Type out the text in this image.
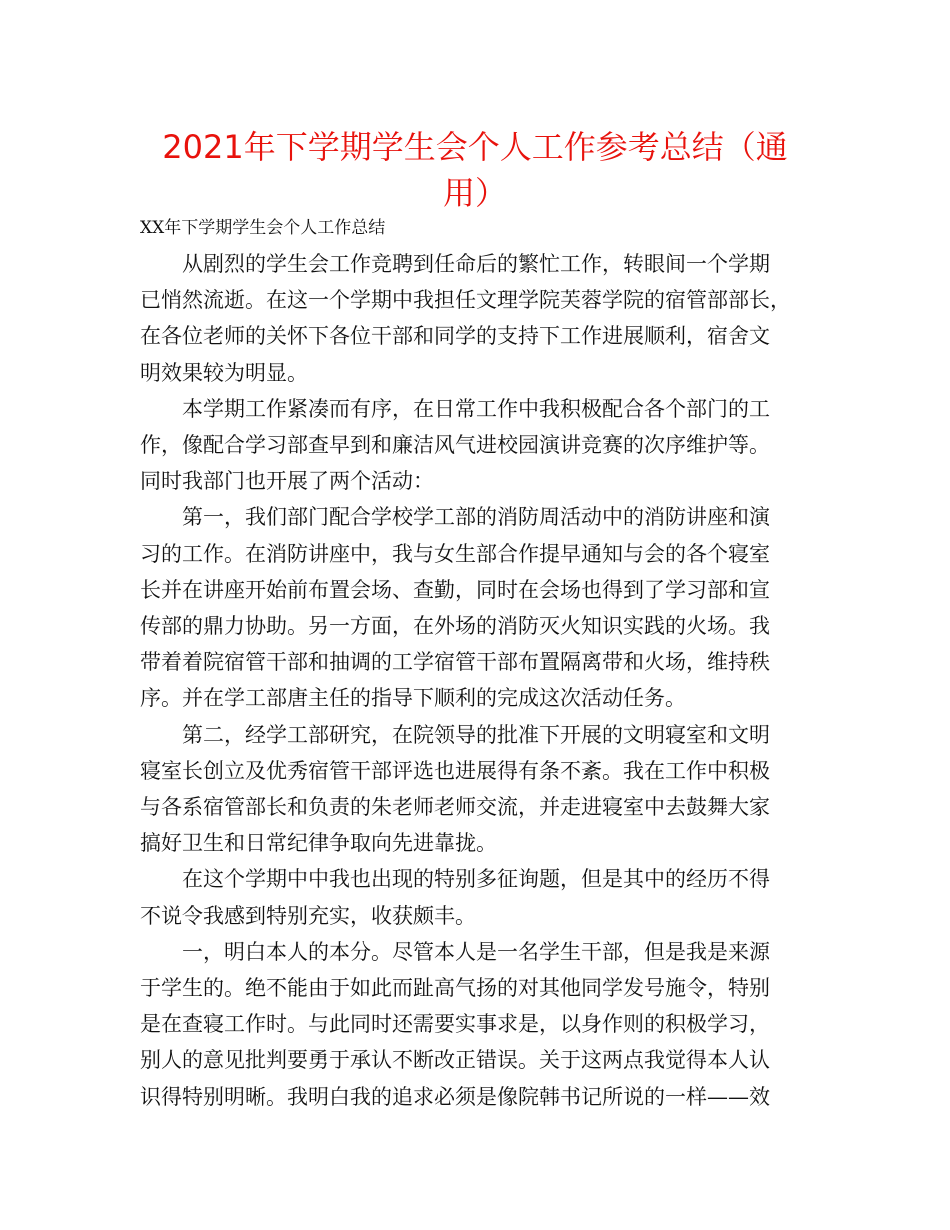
2021年下学期学生会个人工作参考总结（通
用）

XX年下学期学生会个人工作总结

从剧烈的学生会工作竞聘到任命后的繁忙工作，转眼间一个学期
已悄然流逝。在这一个学期中我担任文理学院芙蓉学院的宿管部部长，
在各位老师的关怀下各位干部和同学的支持下工作进展顺利，宿舍文
明效果较为明显。

本学期工作紧凑而有序，在日常工作中我积极配合各个部门的工
作，像配合学习部查早到和廉洁风气进校园演讲竞赛的次序维护等。
同时我部门也开展了两个活动：

第一，我们部门配合学校学工部的消防周活动中的消防讲座和演
习的工作。在消防讲座中，我与女生部合作提早通知与会的各个寝室
长并在讲座开始前布置会场、查勤，同时在会场也得到了学习部和宣
传部的鼎力协助。另一方面，在外场的消防灭火知识实践的火场。我
带着着院宿管干部和抽调的工学宿管干部布置隔离带和火场，维持秩
序。并在学工部唐主任的指导下顺利的完成这次活动任务。

第二，经学工部研究，在院领导的批准下开展的文明寝室和文明
寝室长创立及优秀宿管干部评选也进展得有条不紊。我在工作中积极
与各系宿管部长和负责的朱老师老师交流，并走进寝室中去鼓舞大家
搞好卫生和日常纪律争取向先进靠拢。

在这个学期中中我也出现的特别多征询题，但是其中的经历不得
不说令我感到特别充实，收获颇丰。

一，明白本人的本分。尽管本人是一名学生干部，但是我是来源
于学生的。绝不能由于如此而趾高气扬的对其他同学发号施令，特别
是在查寝工作时。与此同时还需要实事求是，以身作则的积极学习，
别人的意见批判要勇于承认不断改正错误。关于这两点我觉得本人认
识得特别明晰。我明白我的追求必须是像院韩书记所说的一样——效
